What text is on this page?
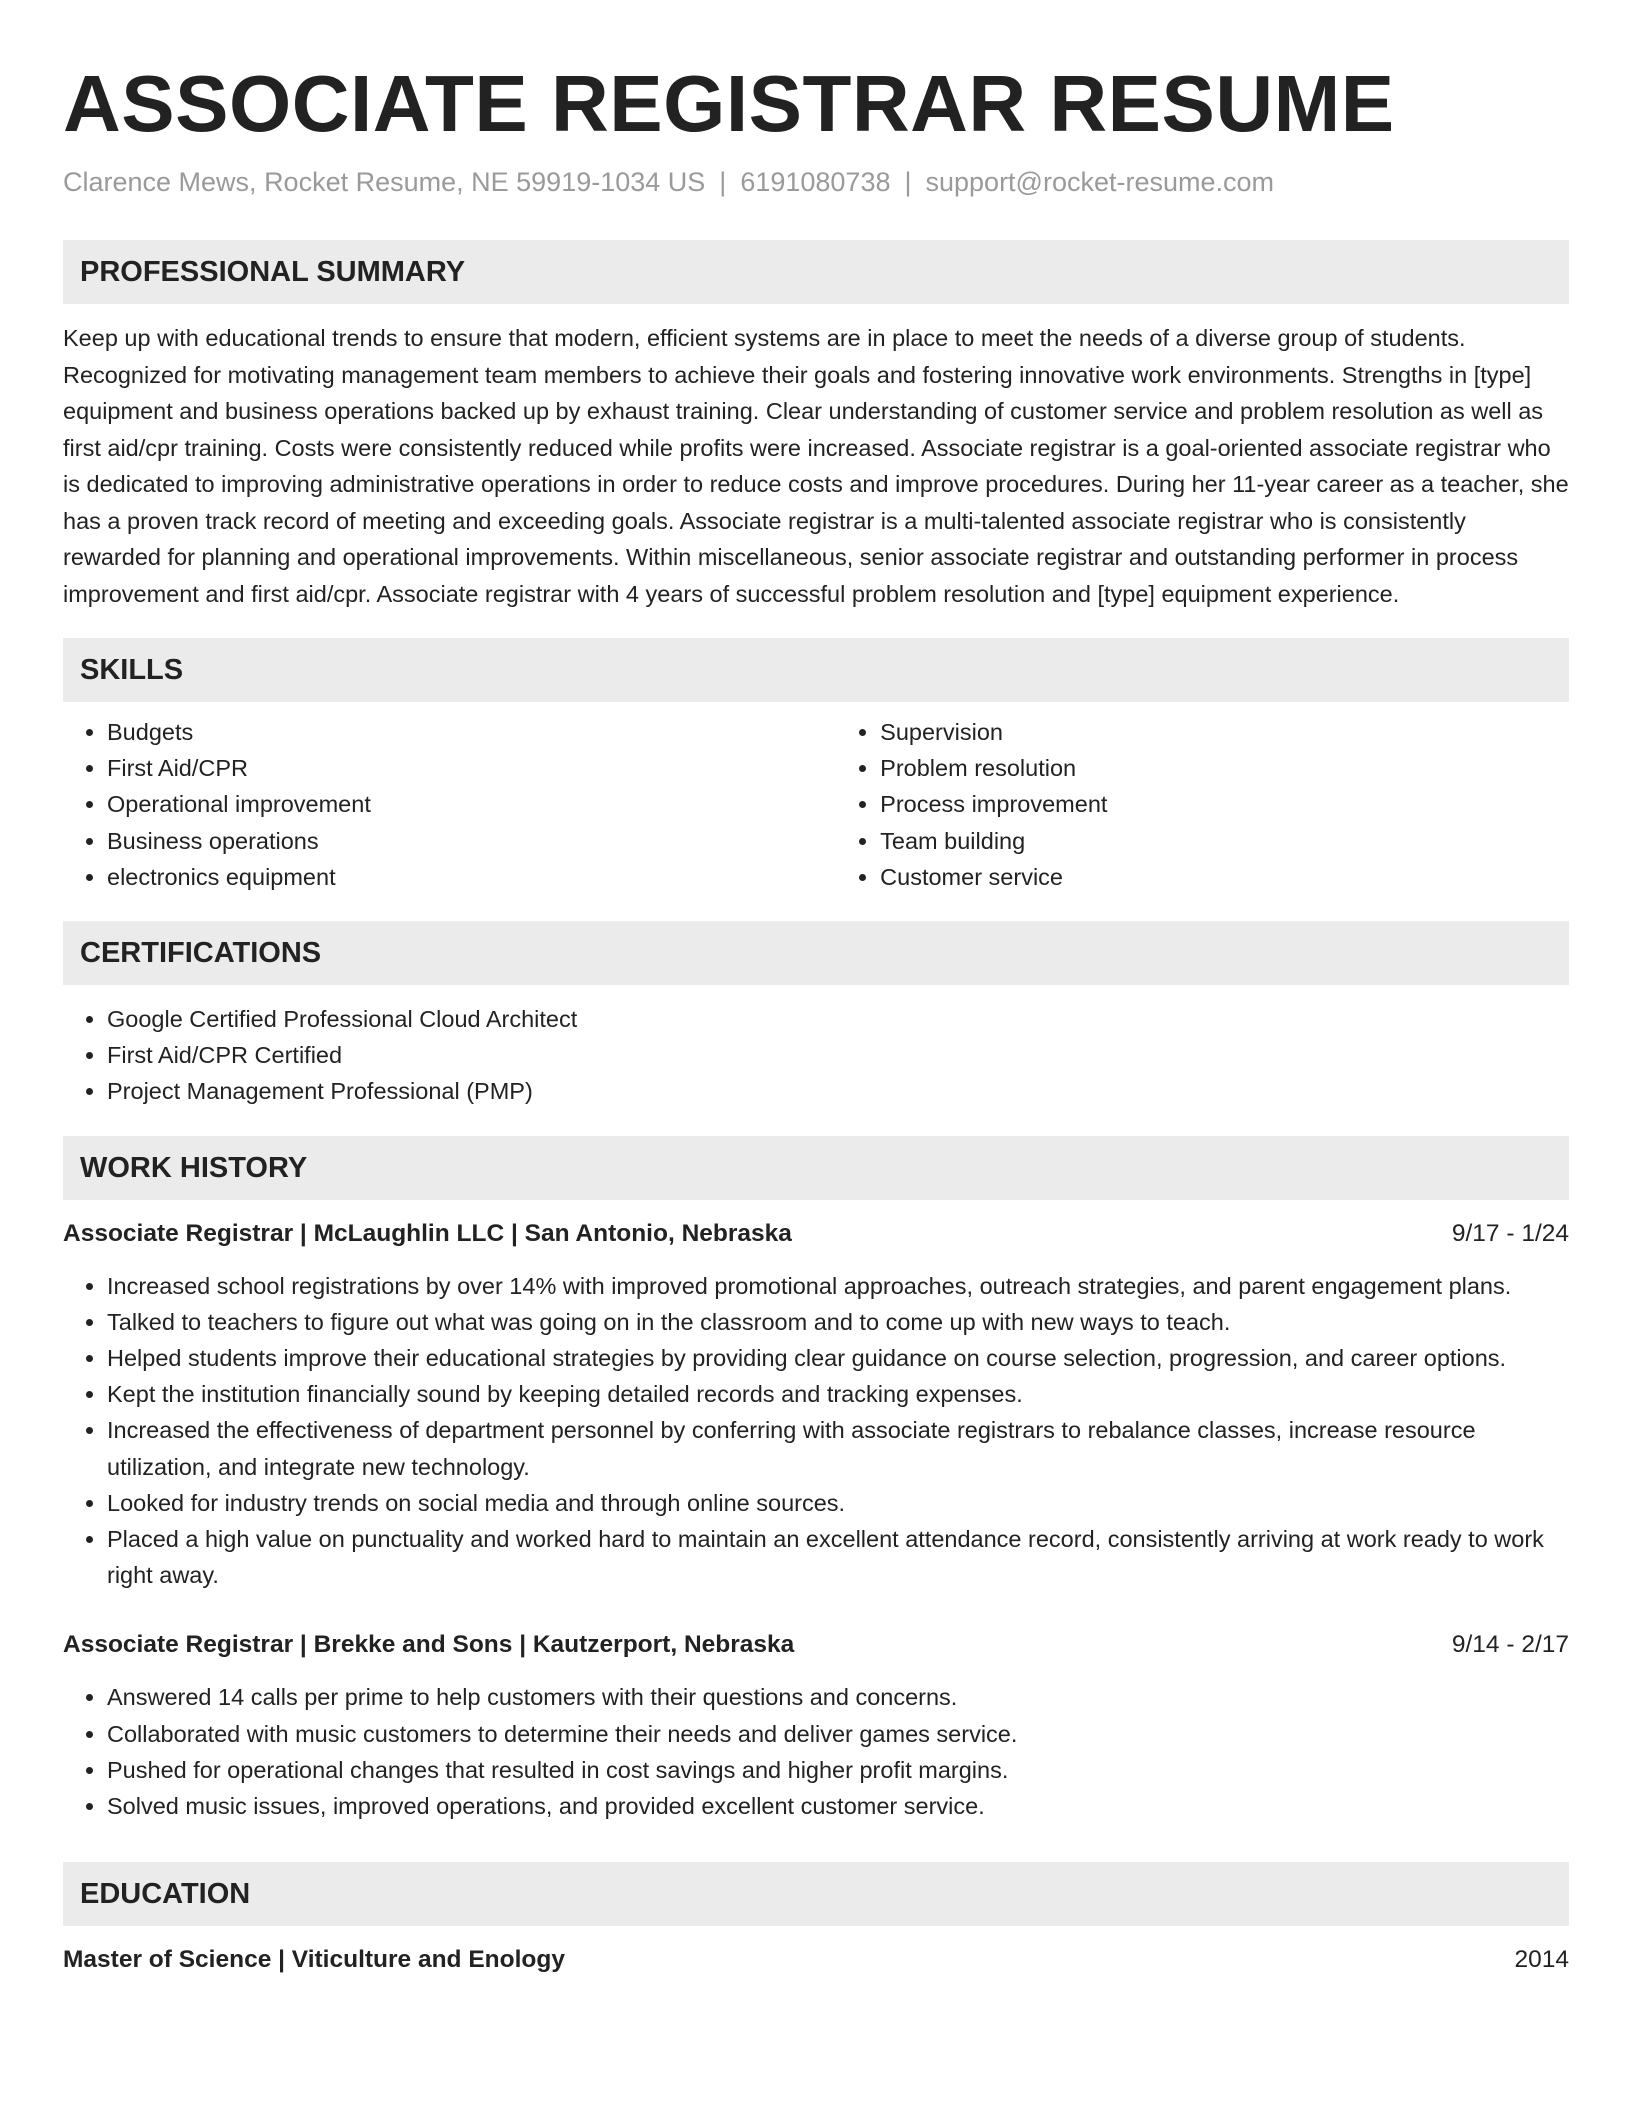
ASSOCIATE REGISTRAR RESUME
Clarence Mews, Rocket Resume, NE 59919-1034 US | 6191080738 | support@rocket-resume.com
PROFESSIONAL SUMMARY
Keep up with educational trends to ensure that modern, efficient systems are in place to meet the needs of a diverse group of students. Recognized for motivating management team members to achieve their goals and fostering innovative work environments. Strengths in [type] equipment and business operations backed up by exhaust training. Clear understanding of customer service and problem resolution as well as first aid/cpr training. Costs were consistently reduced while profits were increased. Associate registrar is a goal-oriented associate registrar who is dedicated to improving administrative operations in order to reduce costs and improve procedures. During her 11-year career as a teacher, she has a proven track record of meeting and exceeding goals. Associate registrar is a multi-talented associate registrar who is consistently rewarded for planning and operational improvements. Within miscellaneous, senior associate registrar and outstanding performer in process improvement and first aid/cpr. Associate registrar with 4 years of successful problem resolution and [type] equipment experience.
SKILLS
• Budgets
• First Aid/CPR
• Operational improvement
• Business operations
• electronics equipment
• Supervision
• Problem resolution
• Process improvement
• Team building
• Customer service
CERTIFICATIONS
• Google Certified Professional Cloud Architect
• First Aid/CPR Certified
• Project Management Professional (PMP)
WORK HISTORY
Associate Registrar | McLaughlin LLC | San Antonio, Nebraska	9/17 - 1/24
• Increased school registrations by over 14% with improved promotional approaches, outreach strategies, and parent engagement plans.
• Talked to teachers to figure out what was going on in the classroom and to come up with new ways to teach.
• Helped students improve their educational strategies by providing clear guidance on course selection, progression, and career options.
• Kept the institution financially sound by keeping detailed records and tracking expenses.
• Increased the effectiveness of department personnel by conferring with associate registrars to rebalance classes, increase resource utilization, and integrate new technology.
• Looked for industry trends on social media and through online sources.
• Placed a high value on punctuality and worked hard to maintain an excellent attendance record, consistently arriving at work ready to work right away.
Associate Registrar | Brekke and Sons | Kautzerport, Nebraska	9/14 - 2/17
• Answered 14 calls per prime to help customers with their questions and concerns.
• Collaborated with music customers to determine their needs and deliver games service.
• Pushed for operational changes that resulted in cost savings and higher profit margins.
• Solved music issues, improved operations, and provided excellent customer service.
EDUCATION
Master of Science | Viticulture and Enology	2014
